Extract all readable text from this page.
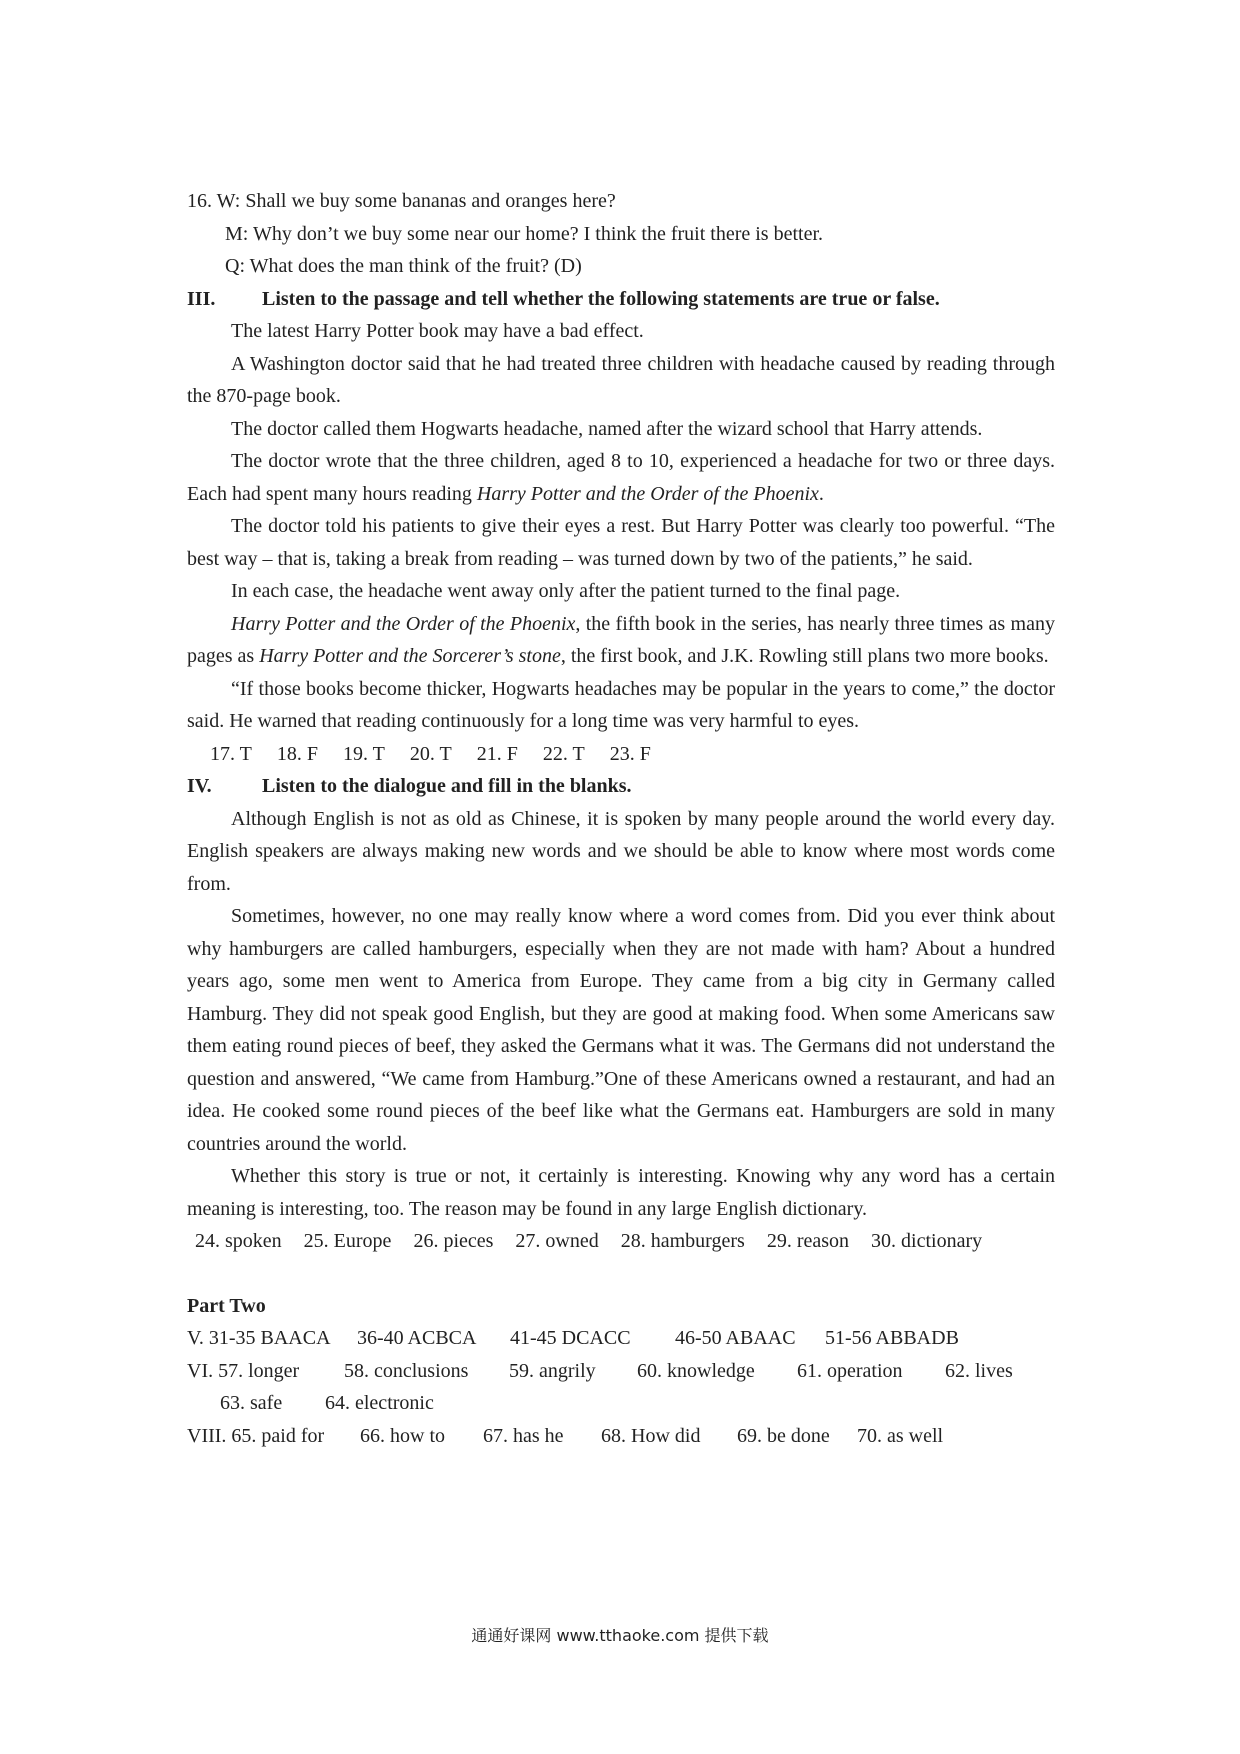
16. W: Shall we buy some bananas and oranges here?
M: Why don’t we buy some near our home? I think the fruit there is better.
Q: What does the man think of the fruit? (D)
III.	Listen to the passage and tell whether the following statements are true or false.
The latest Harry Potter book may have a bad effect.
A Washington doctor said that he had treated three children with headache caused by reading through the 870-page book.
The doctor called them Hogwarts headache, named after the wizard school that Harry attends.
The doctor wrote that the three children, aged 8 to 10, experienced a headache for two or three days. Each had spent many hours reading Harry Potter and the Order of the Phoenix.
The doctor told his patients to give their eyes a rest. But Harry Potter was clearly too powerful. “The best way – that is, taking a break from reading – was turned down by two of the patients,” he said.
In each case, the headache went away only after the patient turned to the final page.
Harry Potter and the Order of the Phoenix, the fifth book in the series, has nearly three times as many pages as Harry Potter and the Sorcerer’s stone, the first book, and J.K. Rowling still plans two more books.
“If those books become thicker, Hogwarts headaches may be popular in the years to come,” the doctor said. He warned that reading continuously for a long time was very harmful to eyes.
17. T 18. F 19. T 20. T 21. F 22. T 23. F
IV.	Listen to the dialogue and fill in the blanks.
Although English is not as old as Chinese, it is spoken by many people around the world every day. English speakers are always making new words and we should be able to know where most words come from.
Sometimes, however, no one may really know where a word comes from. Did you ever think about why hamburgers are called hamburgers, especially when they are not made with ham? About a hundred years ago, some men went to America from Europe. They came from a big city in Germany called Hamburg. They did not speak good English, but they are good at making food. When some Americans saw them eating round pieces of beef, they asked the Germans what it was. The Germans did not understand the question and answered, “We came from Hamburg.”One of these Americans owned a restaurant, and had an idea. He cooked some round pieces of the beef like what the Germans eat. Hamburgers are sold in many countries around the world.
Whether this story is true or not, it certainly is interesting. Knowing why any word has a certain meaning is interesting, too. The reason may be found in any large English dictionary.
24. spoken 25. Europe 26. pieces 27. owned 28. hamburgers 29. reason 30. dictionary
Part Two
V. 31-35 BAACA	36-40 ACBCA	41-45 DCACC	46-50 ABAAC	51-56 ABBADB
VI. 57. longer	58. conclusions	59. angrily	60. knowledge	61. operation	62. lives
63. safe	64. electronic
VIII. 65. paid for	66. how to	67. has he	68. How did	69. be done	70. as well
通通好课网 www.tthaoke.com 提供下载
